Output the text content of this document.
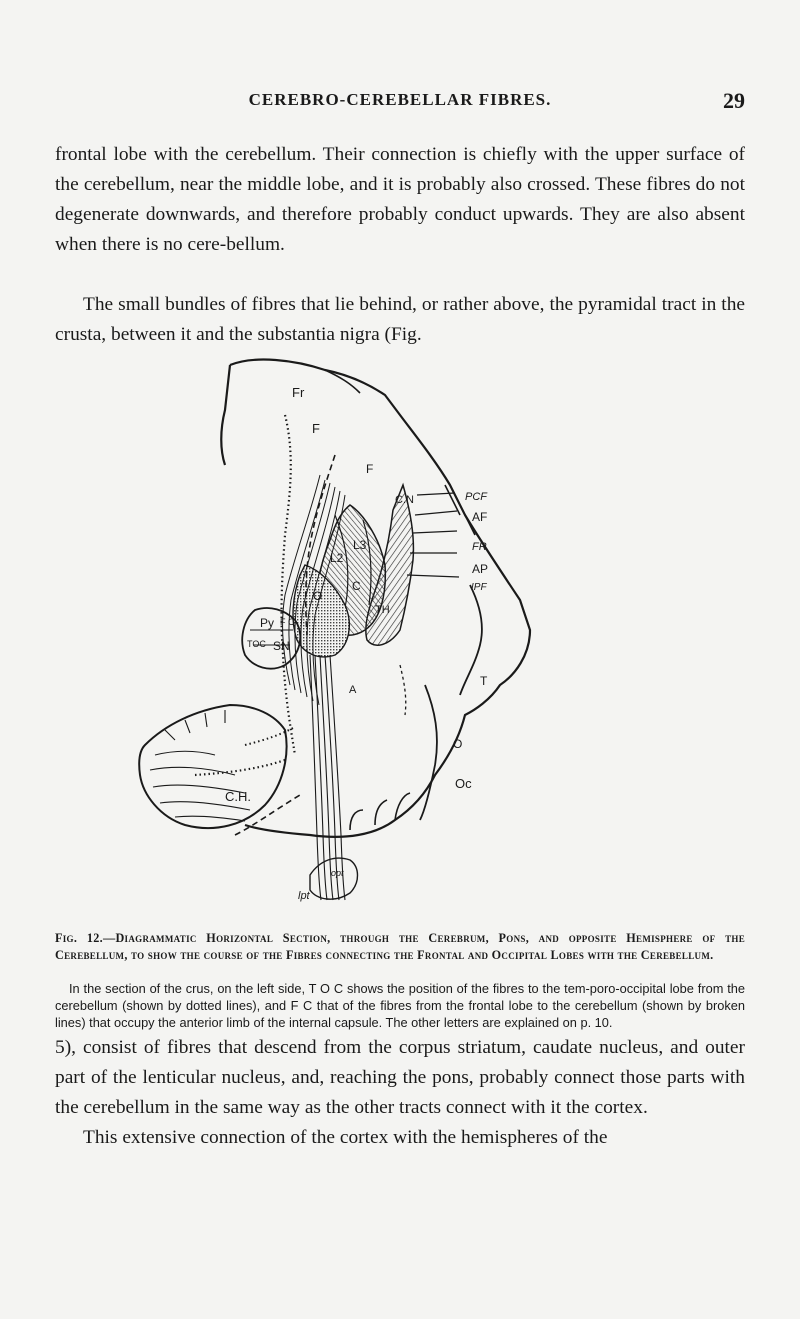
CEREBRO-CEREBELLAR FIBRES.	29

frontal lobe with the cerebellum. Their connection is chiefly with the upper surface of the cerebellum, near the middle lobe, and it is probably also crossed. These fibres do not degenerate downwards, and therefore probably conduct upwards. They are also absent when there is no cere-bellum.

The small bundles of fibres that lie behind, or rather above, the pyramidal tract in the crusta, between it and the substantia nigra (Fig.

Fr
F
F
C.N
L3
L2
C
O
TH
PCF
AF
FR
AP
IPF
Py F C
TOC SN
A
T
O
Oc
C.H.
opt
lpt

Fig. 12.—Diagrammatic Horizontal Section, through the Cerebrum, Pons, and opposite Hemisphere of the Cerebellum, to show the course of the Fibres connecting the Frontal and Occipital Lobes with the Cerebellum.

In the section of the crus, on the left side, T O C shows the position of the fibres to the tem-poro-occipital lobe from the cerebellum (shown by dotted lines), and F C that of the fibres from the frontal lobe to the cerebellum (shown by broken lines) that occupy the anterior limb of the internal capsule. The other letters are explained on p. 10.

5), consist of fibres that descend from the corpus striatum, caudate nucleus, and outer part of the lenticular nucleus, and, reaching the pons, probably connect those parts with the cerebellum in the same way as the other tracts connect with it the cortex.
This extensive connection of the cortex with the hemispheres of the
